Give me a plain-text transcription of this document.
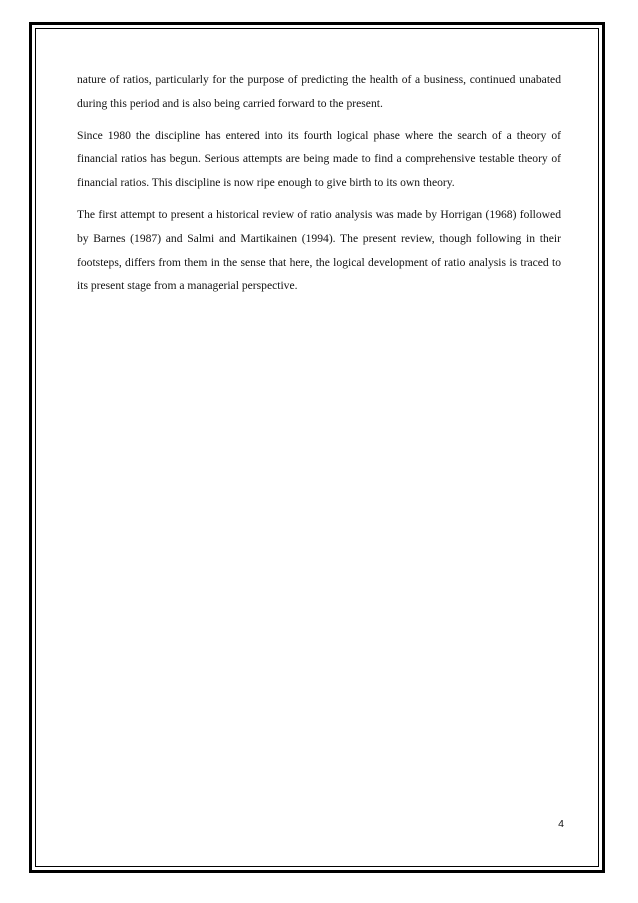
nature of ratios, particularly for the purpose of predicting the health of a business, continued unabated during this period and is also being carried forward to the present.

Since 1980 the discipline has entered into its fourth logical phase where the search of a theory of financial ratios has begun. Serious attempts are being made to find a comprehensive testable theory of financial ratios. This discipline is now ripe enough to give birth to its own theory.

The first attempt to present a historical review of ratio analysis was made by Horrigan (1968) followed by Barnes (1987) and Salmi and Martikainen (1994). The present review, though following in their footsteps, differs from them in the sense that here, the logical development of ratio analysis is traced to its present stage from a managerial perspective.

4
